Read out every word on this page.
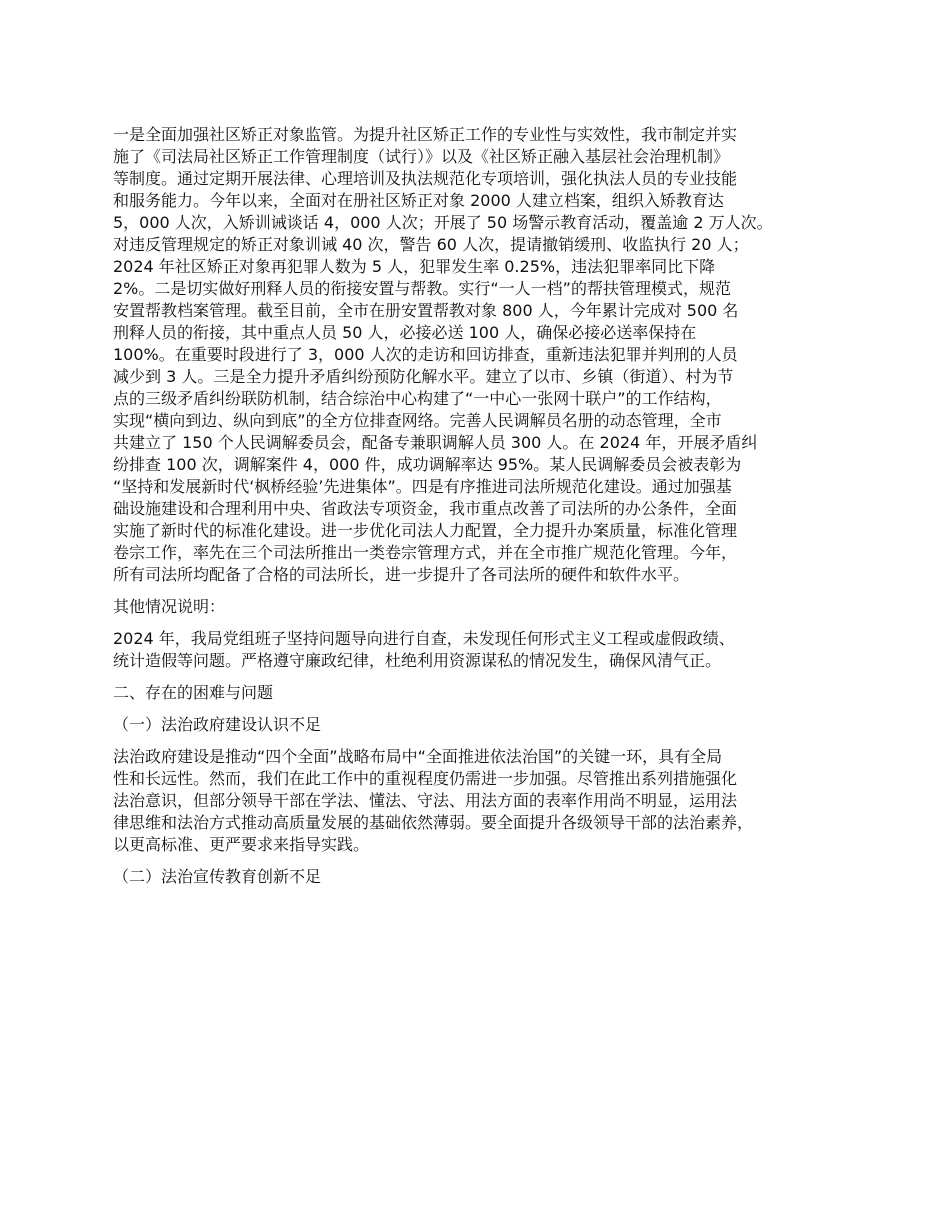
一是全面加强社区矫正对象监管。为提升社区矫正工作的专业性与实效性，我市制定并实
施了《司法局社区矫正工作管理制度（试行）》以及《社区矫正融入基层社会治理机制》
等制度。通过定期开展法律、心理培训及执法规范化专项培训，强化执法人员的专业技能
和服务能力。今年以来，全面对在册社区矫正对象 2000 人建立档案，组织入矫教育达
5，000 人次，入矫训诫谈话 4，000 人次；开展了 50 场警示教育活动，覆盖逾 2 万人次。
对违反管理规定的矫正对象训诫 40 次，警告 60 人次，提请撤销缓刑、收监执行 20 人；
2024 年社区矫正对象再犯罪人数为 5 人，犯罪发生率 0.25%，违法犯罪率同比下降
2%。二是切实做好刑释人员的衔接安置与帮教。实行“一人一档”的帮扶管理模式，规范
安置帮教档案管理。截至目前，全市在册安置帮教对象 800 人，今年累计完成对 500 名
刑释人员的衔接，其中重点人员 50 人，必接必送 100 人，确保必接必送率保持在
100%。在重要时段进行了 3，000 人次的走访和回访排查，重新违法犯罪并判刑的人员
减少到 3 人。三是全力提升矛盾纠纷预防化解水平。建立了以市、乡镇（街道）、村为节
点的三级矛盾纠纷联防机制，结合综治中心构建了“一中心一张网十联户”的工作结构，
实现“横向到边、纵向到底”的全方位排查网络。完善人民调解员名册的动态管理，全市
共建立了 150 个人民调解委员会，配备专兼职调解人员 300 人。在 2024 年，开展矛盾纠
纷排查 100 次，调解案件 4，000 件，成功调解率达 95%。某人民调解委员会被表彰为
“坚持和发展新时代‘枫桥经验’先进集体”。四是有序推进司法所规范化建设。通过加强基
础设施建设和合理利用中央、省政法专项资金，我市重点改善了司法所的办公条件，全面
实施了新时代的标准化建设。进一步优化司法人力配置，全力提升办案质量，标准化管理
卷宗工作，率先在三个司法所推出一类卷宗管理方式，并在全市推广规范化管理。今年，
所有司法所均配备了合格的司法所长，进一步提升了各司法所的硬件和软件水平。
其他情况说明：
2024 年，我局党组班子坚持问题导向进行自查，未发现任何形式主义工程或虚假政绩、
统计造假等问题。严格遵守廉政纪律，杜绝利用资源谋私的情况发生，确保风清气正。
二、存在的困难与问题
（一）法治政府建设认识不足
法治政府建设是推动“四个全面”战略布局中“全面推进依法治国”的关键一环，具有全局
性和长远性。然而，我们在此工作中的重视程度仍需进一步加强。尽管推出系列措施强化
法治意识，但部分领导干部在学法、懂法、守法、用法方面的表率作用尚不明显，运用法
律思维和法治方式推动高质量发展的基础依然薄弱。要全面提升各级领导干部的法治素养，
以更高标准、更严要求来指导实践。
（二）法治宣传教育创新不足
